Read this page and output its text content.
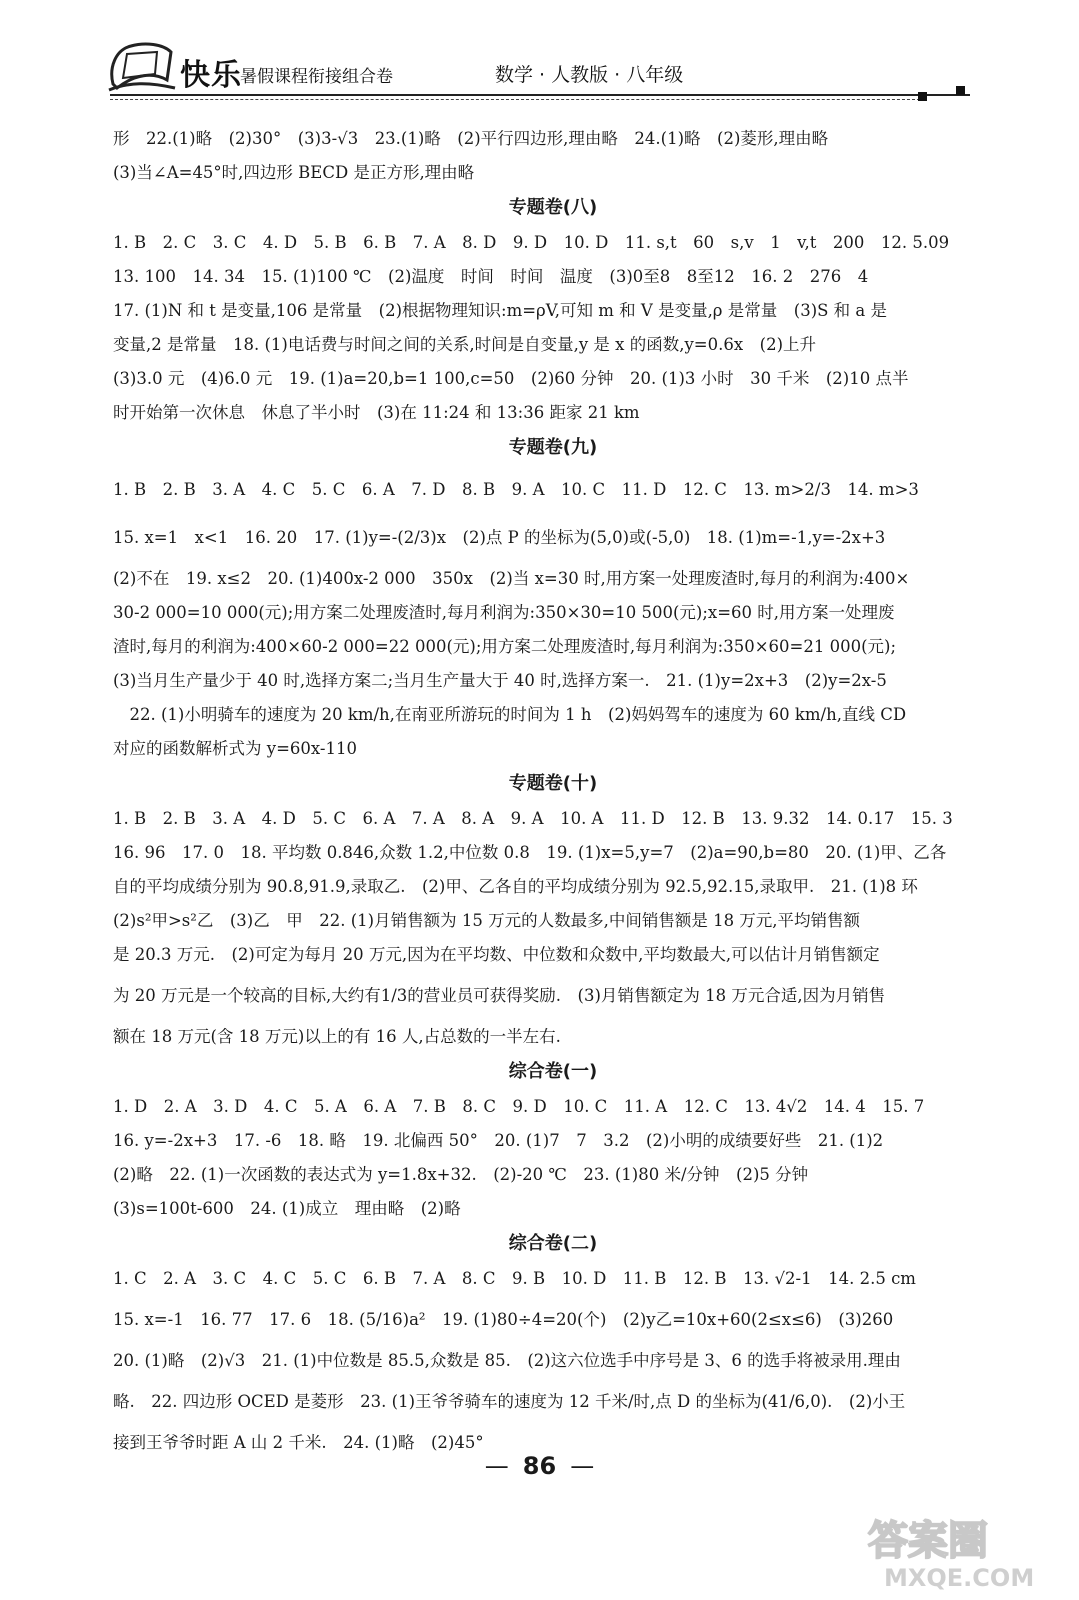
快乐
暑假课程衔接组合卷	数学 · 人教版 · 八年级
形　22.(1)略　(2)30°　(3)3-√3　23.(1)略　(2)平行四边形,理由略　24.(1)略　(2)菱形,理由略
(3)当∠A=45°时,四边形 BECD 是正方形,理由略
专题卷(八)
1. B　2. C　3. C　4. D　5. B　6. B　7. A　8. D　9. D　10. D　11. s,t　60　s,v　1　v,t　200　12. 5.09
13. 100　14. 34　15. (1)100 ℃　(2)温度　时间　时间　温度　(3)0至8　8至12　16. 2　276　4
17. (1)N 和 t 是变量,106 是常量　(2)根据物理知识:m=ρV,可知 m 和 V 是变量,ρ 是常量　(3)S 和 a 是
变量,2 是常量　18. (1)电话费与时间之间的关系,时间是自变量,y 是 x 的函数,y=0.6x　(2)上升
(3)3.0 元　(4)6.0 元　19. (1)a=20,b=1 100,c=50　(2)60 分钟　20. (1)3 小时　30 千米　(2)10 点半
时开始第一次休息　休息了半小时　(3)在 11:24 和 13:36 距家 21 km
专题卷(九)
1. B　2. B　3. A　4. C　5. C　6. A　7. D　8. B　9. A　10. C　11. D　12. C　13. m>2/3　14. m>3
15. x=1　x<1　16. 20　17. (1)y=-(2/3)x　(2)点 P 的坐标为(5,0)或(-5,0)　18. (1)m=-1,y=-2x+3
(2)不在　19. x≤2　20. (1)400x-2 000　350x　(2)当 x=30 时,用方案一处理废渣时,每月的利润为:400×
30-2 000=10 000(元);用方案二处理废渣时,每月利润为:350×30=10 500(元);x=60 时,用方案一处理废
渣时,每月的利润为:400×60-2 000=22 000(元);用方案二处理废渣时,每月利润为:350×60=21 000(元);
(3)当月生产量少于 40 时,选择方案二;当月生产量大于 40 时,选择方案一.　21. (1)y=2x+3　(2)y=2x-5
　22. (1)小明骑车的速度为 20 km/h,在南亚所游玩的时间为 1 h　(2)妈妈驾车的速度为 60 km/h,直线 CD
对应的函数解析式为 y=60x-110
专题卷(十)
1. B　2. B　3. A　4. D　5. C　6. A　7. A　8. A　9. A　10. A　11. D　12. B　13. 9.32　14. 0.17　15. 3
16. 96　17. 0　18. 平均数 0.846,众数 1.2,中位数 0.8　19. (1)x=5,y=7　(2)a=90,b=80　20. (1)甲、乙各
自的平均成绩分别为 90.8,91.9,录取乙.　(2)甲、乙各自的平均成绩分别为 92.5,92.15,录取甲.　21. (1)8 环
(2)s²甲>s²乙　(3)乙　甲　22. (1)月销售额为 15 万元的人数最多,中间销售额是 18 万元,平均销售额
是 20.3 万元.　(2)可定为每月 20 万元,因为在平均数、中位数和众数中,平均数最大,可以估计月销售额定
为 20 万元是一个较高的目标,大约有1/3的营业员可获得奖励.　(3)月销售额定为 18 万元合适,因为月销售
额在 18 万元(含 18 万元)以上的有 16 人,占总数的一半左右.
综合卷(一)
1. D　2. A　3. D　4. C　5. A　6. A　7. B　8. C　9. D　10. C　11. A　12. C　13. 4√2　14. 4　15. 7
16. y=-2x+3　17. -6　18. 略　19. 北偏西 50°　20. (1)7　7　3.2　(2)小明的成绩要好些　21. (1)2
(2)略　22. (1)一次函数的表达式为 y=1.8x+32.　(2)-20 ℃　23. (1)80 米/分钟　(2)5 分钟
(3)s=100t-600　24. (1)成立　理由略　(2)略
综合卷(二)
1. C　2. A　3. C　4. C　5. C　6. B　7. A　8. C　9. B　10. D　11. B　12. B　13. √2-1　14. 2.5 cm
15. x=-1　16. 77　17. 6　18. (5/16)a²　19. (1)80÷4=20(个)　(2)y乙=10x+60(2≤x≤6)　(3)260
20. (1)略　(2)√3　21. (1)中位数是 85.5,众数是 85.　(2)这六位选手中序号是 3、6 的选手将被录用.理由
略.　22. 四边形 OCED 是菱形　23. (1)王爷爷骑车的速度为 12 千米/时,点 D 的坐标为(41/6,0).　(2)小王
接到王爷爷时距 A 山 2 千米.　24. (1)略　(2)45°
— 86 —
答案圈
MXQE.COM
